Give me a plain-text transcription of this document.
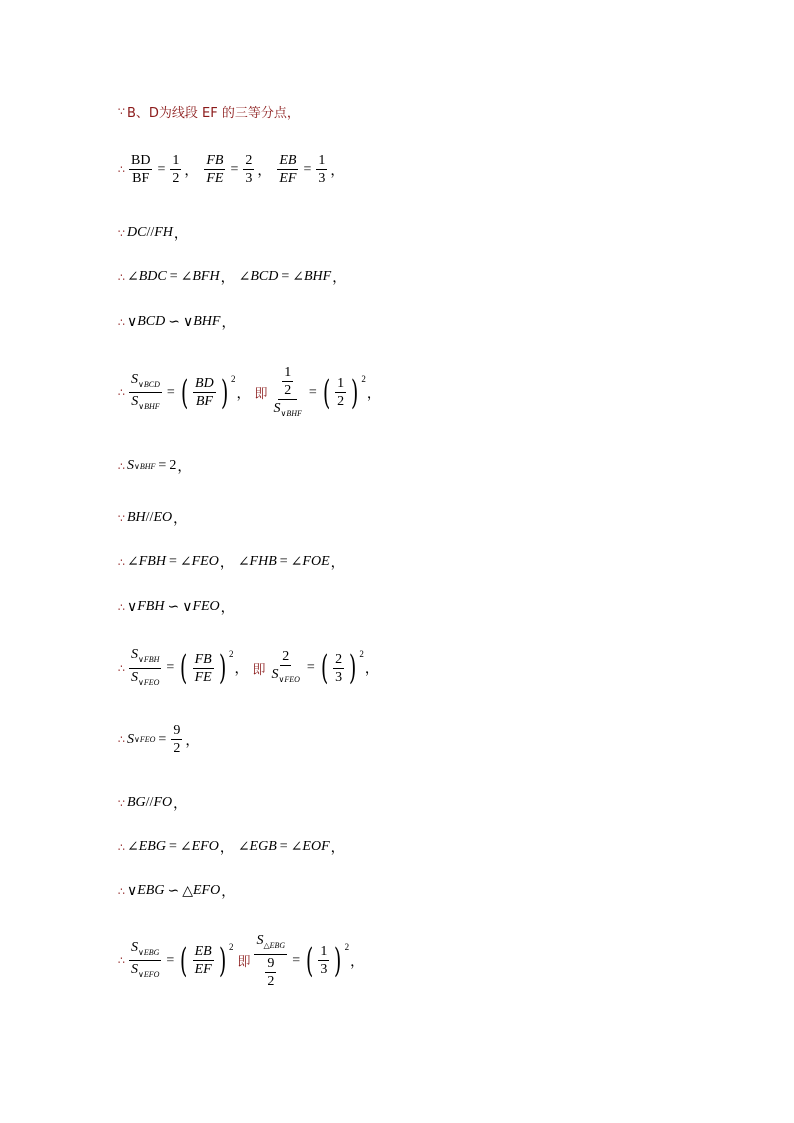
∵ B、D为线段 EF 的三等分点，
∴ $\frac{BD}{BF} = \frac{1}{2}$ ， $\frac{FB}{FE} = \frac{2}{3}$ ， $\frac{EB}{EF} = \frac{1}{3}$ ，
∵ DC // FH ，
∴ ∠ BDC = ∠ BFH ， ∠ BCD = ∠ BHF ，
∴ ∨ BCD ∽ ∨ BHF ，
∴ $\frac{S_{\vee BCD}}{S_{\vee BHF}}$ = ( $\frac{BD}{BF}$ ) $^2$
， 即 $\frac{\frac{1}{2}}{S_{\vee BHF}}$ = ( $\frac{1}{2}$ ) $^2$
，
∴ S ∨BHF = 2 ，
∵ BH // EO ，
∴ ∠ FBH = ∠ FEO ， ∠ FHB = ∠ FOE ，
∴ ∨ FBH ∽ ∨ FEO ，
∴ $\frac{S_{\vee FBH}}{S_{\vee FEO}}$ = ( $\frac{FB}{FE}$ ) $^2$
， 即 $\frac{2}{S_{\vee FEO}}$ = ( $\frac{2}{3}$ ) $^2$
，
∴ S ∨FEO = $\frac{9}{2}$ ，
∵ BG // FO ，
∴ ∠ EBG = ∠ EFO ， ∠ EGB = ∠ EOF ，
∴ ∨ EBG ∽ △ EFO ，
∴ $\frac{S_{\vee EBG}}{S_{\vee EFO}}$ = ( $\frac{EB}{EF}$ ) $^2$
即 $\frac{S_{\triangle EBG}}{\frac{9}{2}}$ = ( $\frac{1}{3}$ ) $^2$
，
